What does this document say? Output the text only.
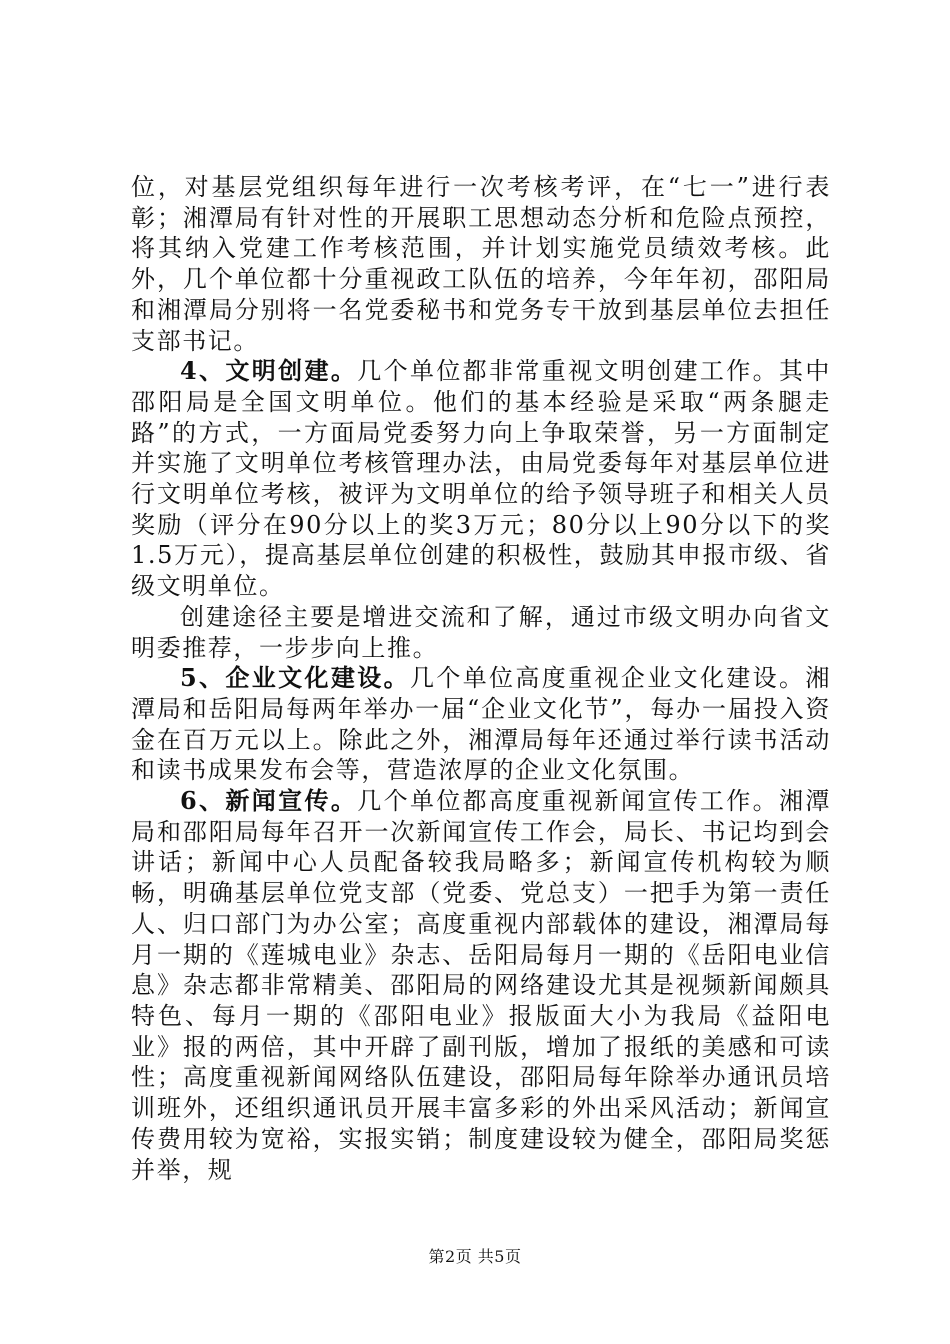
位，对基层党组织每年进行一次考核考评，在“七一”进行表彰；湘潭局有针对性的开展职工思想动态分析和危险点预控，将其纳入党建工作考核范围，并计划实施党员绩效考核。此外，几个单位都十分重视政工队伍的培养，今年年初，邵阳局和湘潭局分别将一名党委秘书和党务专干放到基层单位去担任支部书记。

4、文明创建。几个单位都非常重视文明创建工作。其中邵阳局是全国文明单位。他们的基本经验是采取“两条腿走路”的方式，一方面局党委努力向上争取荣誉，另一方面制定并实施了文明单位考核管理办法，由局党委每年对基层单位进行文明单位考核，被评为文明单位的给予领导班子和相关人员奖励（评分在90分以上的奖3万元；80分以上90分以下的奖1.5万元），提高基层单位创建的积极性，鼓励其申报市级、省级文明单位。

创建途径主要是增进交流和了解，通过市级文明办向省文明委推荐，一步步向上推。

5、企业文化建设。几个单位高度重视企业文化建设。湘潭局和岳阳局每两年举办一届“企业文化节”，每办一届投入资金在百万元以上。除此之外，湘潭局每年还通过举行读书活动和读书成果发布会等，营造浓厚的企业文化氛围。

6、新闻宣传。几个单位都高度重视新闻宣传工作。湘潭局和邵阳局每年召开一次新闻宣传工作会，局长、书记均到会讲话；新闻中心人员配备较我局略多；新闻宣传机构较为顺畅，明确基层单位党支部（党委、党总支）一把手为第一责任人、归口部门为办公室；高度重视内部载体的建设，湘潭局每月一期的《莲城电业》杂志、岳阳局每月一期的《岳阳电业信息》杂志都非常精美、邵阳局的网络建设尤其是视频新闻颇具特色、每月一期的《邵阳电业》报版面大小为我局《益阳电业》报的两倍，其中开辟了副刊版，增加了报纸的美感和可读性；高度重视新闻网络队伍建设，邵阳局每年除举办通讯员培训班外，还组织通讯员开展丰富多彩的外出采风活动；新闻宣传费用较为宽裕，实报实销；制度建设较为健全，邵阳局奖惩并举，规

第2页 共5页
